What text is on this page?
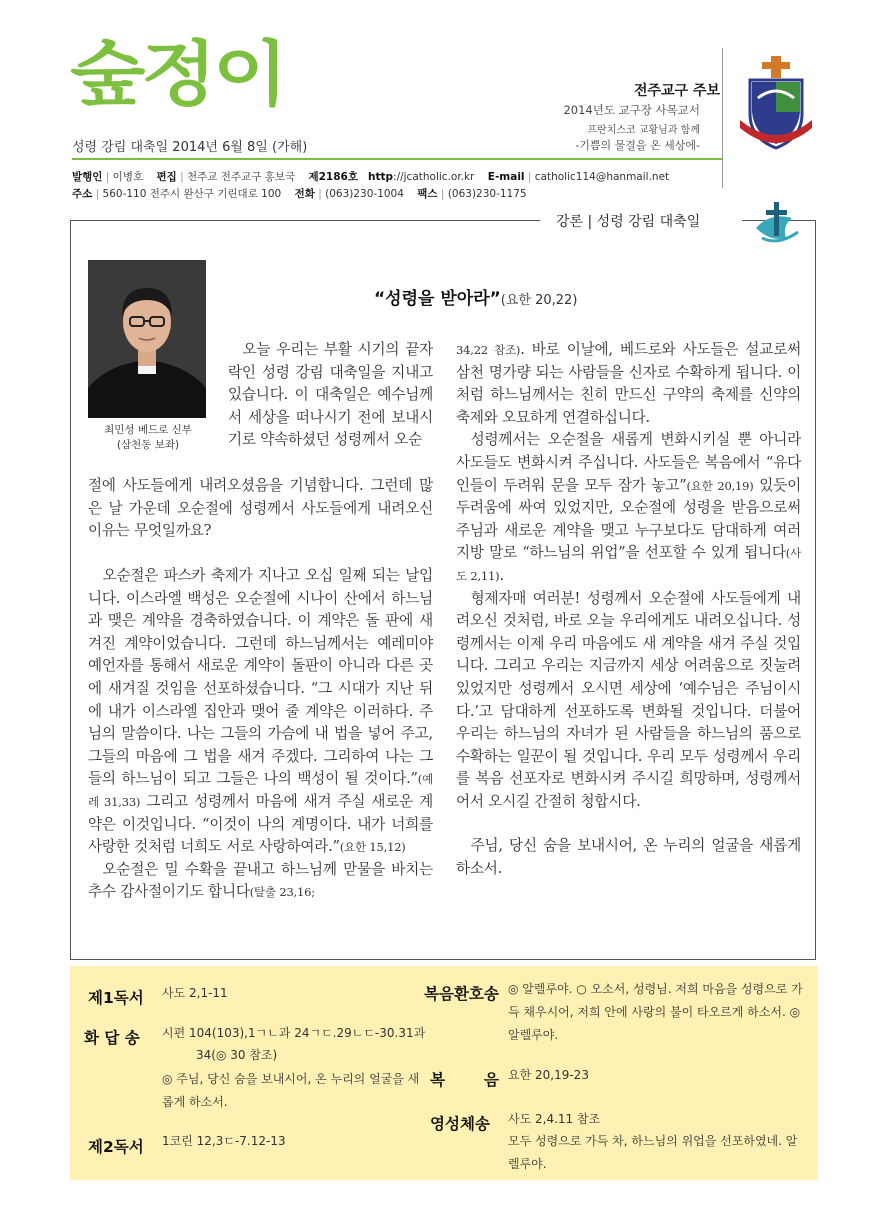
숲정이
성령 강림 대축일 2014년 6월 8일 (가해)
전주교구 주보
2014년도 교구장 사목교서
프란치스코 교황님과 함께
-기쁨의 물결을 온 세상에-
발행인 | 이병호 편집 | 천주교 전주교구 홍보국 제2186호 http://jcatholic.or.kr E-mail | catholic114@hanmail.net
주소 | 560-110 전주시 완산구 기린대로 100 전화 | (063)230-1004 팩스 | (063)230-1175
강론 | 성령 강림 대축일
최민성 베드로 신부
(삼천동 보좌)
“성령을 받아라”(요한 20,22)

오늘 우리는 부활 시기의 끝자락인 성령 강림 대축일을 지내고 있습니다. 이 대축일은 예수님께서 세상을 떠나시기 전에 보내시기로 약속하셨던 성령께서 오순

절에 사도들에게 내려오셨음을 기념합니다. 그런데 많은 날 가운데 오순절에 성령께서 사도들에게 내려오신 이유는 무엇일까요?

오순절은 파스카 축제가 지나고 오십 일째 되는 날입니다. 이스라엘 백성은 오순절에 시나이 산에서 하느님과 맺은 계약을 경축하였습니다. 이 계약은 돌 판에 새겨진 계약이었습니다. 그런데 하느님께서는 예레미야 예언자를 통해서 새로운 계약이 돌판이 아니라 다른 곳에 새겨질 것임을 선포하셨습니다. “그 시대가 지난 뒤에 내가 이스라엘 집안과 맺어 줄 계약은 이러하다. 주님의 말씀이다. 나는 그들의 가슴에 내 법을 넣어 주고, 그들의 마음에 그 법을 새겨 주겠다. 그리하여 나는 그들의 하느님이 되고 그들은 나의 백성이 될 것이다.”(예레 31,33) 그리고 성령께서 마음에 새겨 주실 새로운 계약은 이것입니다. “이것이 나의 계명이다. 내가 너희를 사랑한 것처럼 너희도 서로 사랑하여라.”(요한 15,12)

오순절은 밀 수확을 끝내고 하느님께 맏물을 바치는 추수 감사절이기도 합니다(탈출 23,16;

34,22 참조). 바로 이날에, 베드로와 사도들은 설교로써 삼천 명가량 되는 사람들을 신자로 수확하게 됩니다. 이처럼 하느님께서는 친히 만드신 구약의 축제를 신약의 축제와 오묘하게 연결하십니다.

성령께서는 오순절을 새롭게 변화시키실 뿐 아니라 사도들도 변화시켜 주십니다. 사도들은 복음에서 “유다인들이 두려워 문을 모두 잠가 놓고”(요한 20,19) 있듯이 두려움에 싸여 있었지만, 오순절에 성령을 받음으로써 주님과 새로운 계약을 맺고 누구보다도 담대하게 여러 지방 말로 “하느님의 위업”을 선포할 수 있게 됩니다(사도 2,11).

형제자매 여러분! 성령께서 오순절에 사도들에게 내려오신 것처럼, 바로 오늘 우리에게도 내려오십니다. 성령께서는 이제 우리 마음에도 새 계약을 새겨 주실 것입니다. 그리고 우리는 지금까지 세상 어려움으로 짓눌려 있었지만 성령께서 오시면 세상에 ‘예수님은 주님이시다.’고 담대하게 선포하도록 변화될 것입니다. 더불어 우리는 하느님의 자녀가 된 사람들을 하느님의 품으로 수확하는 일꾼이 될 것입니다. 우리 모두 성령께서 우리를 복음 선포자로 변화시켜 주시길 희망하며, 성령께서 어서 오시길 간절히 청합시다.

주님, 당신 숨을 보내시어, 온 누리의 얼굴을 새롭게 하소서.

제1독서 사도 2,1-11
화 답 송 시편 104(103),1ㄱㄴ과 24ㄱㄷ.29ㄴㄷ-30.31과
34(◎ 30 참조)
◎ 주님, 당신 숨을 보내시어, 온 누리의 얼굴을 새롭게 하소서.
제2독서 1코린 12,3ㄷ-7.12-13
복음환호송 ◎ 알렐루야. ○ 오소서, 성령님. 저희 마음을 성령으로 가득 채우시어, 저희 안에 사랑의 불이 타오르게 하소서. ◎ 알렐루야.
복	음 요한 20,19-23
영성체송 사도 2,4.11 참조
모두 성령으로 가득 차, 하느님의 위업을 선포하였네. 알렐루야.
